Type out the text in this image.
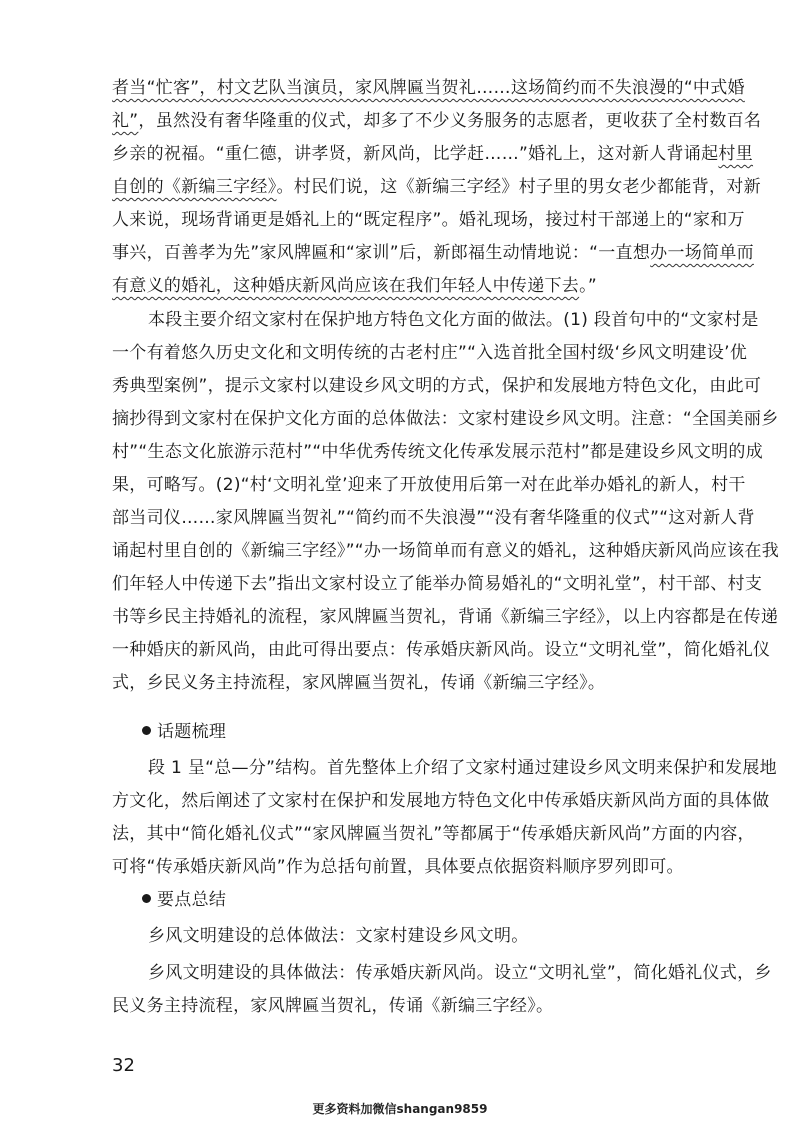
者当“忙客”，村文艺队当演员，家风牌匾当贺礼……这场简约而不失浪漫的“中式婚
礼”，虽然没有奢华隆重的仪式，却多了不少义务服务的志愿者，更收获了全村数百名
乡亲的祝福。“重仁德，讲孝贤，新风尚，比学赶……”婚礼上，这对新人背诵起村里
自创的《新编三字经》。村民们说，这《新编三字经》村子里的男女老少都能背，对新
人来说，现场背诵更是婚礼上的“既定程序”。婚礼现场，接过村干部递上的“家和万
事兴，百善孝为先”家风牌匾和“家训”后，新郎福生动情地说：“一直想办一场简单而
有意义的婚礼，这种婚庆新风尚应该在我们年轻人中传递下去。”
本段主要介绍文家村在保护地方特色文化方面的做法。(1) 段首句中的“文家村是
一个有着悠久历史文化和文明传统的古老村庄”“入选首批全国村级‘乡风文明建设’优
秀典型案例”，提示文家村以建设乡风文明的方式，保护和发展地方特色文化，由此可
摘抄得到文家村在保护文化方面的总体做法：文家村建设乡风文明。注意：“全国美丽乡
村”“生态文化旅游示范村”“中华优秀传统文化传承发展示范村”都是建设乡风文明的成
果，可略写。(2)“村‘文明礼堂’迎来了开放使用后第一对在此举办婚礼的新人，村干
部当司仪……家风牌匾当贺礼”“简约而不失浪漫”“没有奢华隆重的仪式”“这对新人背
诵起村里自创的《新编三字经》”“办一场简单而有意义的婚礼，这种婚庆新风尚应该在我
们年轻人中传递下去”指出文家村设立了能举办简易婚礼的“文明礼堂”，村干部、村支
书等乡民主持婚礼的流程，家风牌匾当贺礼，背诵《新编三字经》，以上内容都是在传递
一种婚庆的新风尚，由此可得出要点：传承婚庆新风尚。设立“文明礼堂”，简化婚礼仪
式，乡民义务主持流程，家风牌匾当贺礼，传诵《新编三字经》。
话题梳理
段 1 呈“总—分”结构。首先整体上介绍了文家村通过建设乡风文明来保护和发展地
方文化，然后阐述了文家村在保护和发展地方特色文化中传承婚庆新风尚方面的具体做
法，其中“简化婚礼仪式”“家风牌匾当贺礼”等都属于“传承婚庆新风尚”方面的内容，
可将“传承婚庆新风尚”作为总括句前置，具体要点依据资料顺序罗列即可。
要点总结
乡风文明建设的总体做法：文家村建设乡风文明。
乡风文明建设的具体做法：传承婚庆新风尚。设立“文明礼堂”，简化婚礼仪式，乡
民义务主持流程，家风牌匾当贺礼，传诵《新编三字经》。
32
更多资料加微信shangan9859
